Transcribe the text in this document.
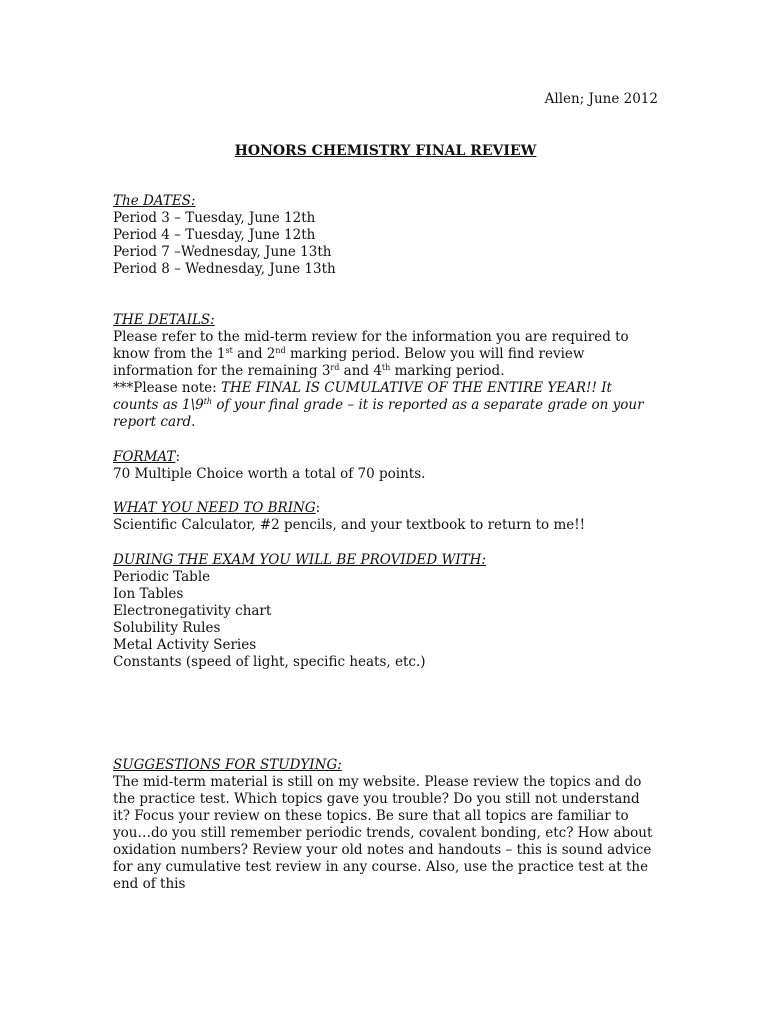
Allen; June 2012
HONORS CHEMISTRY FINAL REVIEW
The DATES:
Period 3 – Tuesday, June 12th
Period 4 – Tuesday, June 12th
Period 7 –Wednesday, June 13th
Period 8 – Wednesday, June 13th
THE DETAILS:
Please refer to the mid-term review for the information you are required to know from the 1st and 2nd marking period. Below you will find review information for the remaining 3rd and 4th marking period.
***Please note: THE FINAL IS CUMULATIVE OF THE ENTIRE YEAR!! It counts as 1\9th of your final grade – it is reported as a separate grade on your report card.
FORMAT:
70 Multiple Choice worth a total of 70 points.
WHAT YOU NEED TO BRING:
Scientific Calculator, #2 pencils, and your textbook to return to me!!
DURING THE EXAM YOU WILL BE PROVIDED WITH:
Periodic Table
Ion Tables
Electronegativity chart
Solubility Rules
Metal Activity Series
Constants (speed of light, specific heats, etc.)
SUGGESTIONS FOR STUDYING:
The mid-term material is still on my website. Please review the topics and do the practice test. Which topics gave you trouble? Do you still not understand it? Focus your review on these topics. Be sure that all topics are familiar to you…do you still remember periodic trends, covalent bonding, etc? How about oxidation numbers? Review your old notes and handouts – this is sound advice for any cumulative test review in any course. Also, use the practice test at the end of this
